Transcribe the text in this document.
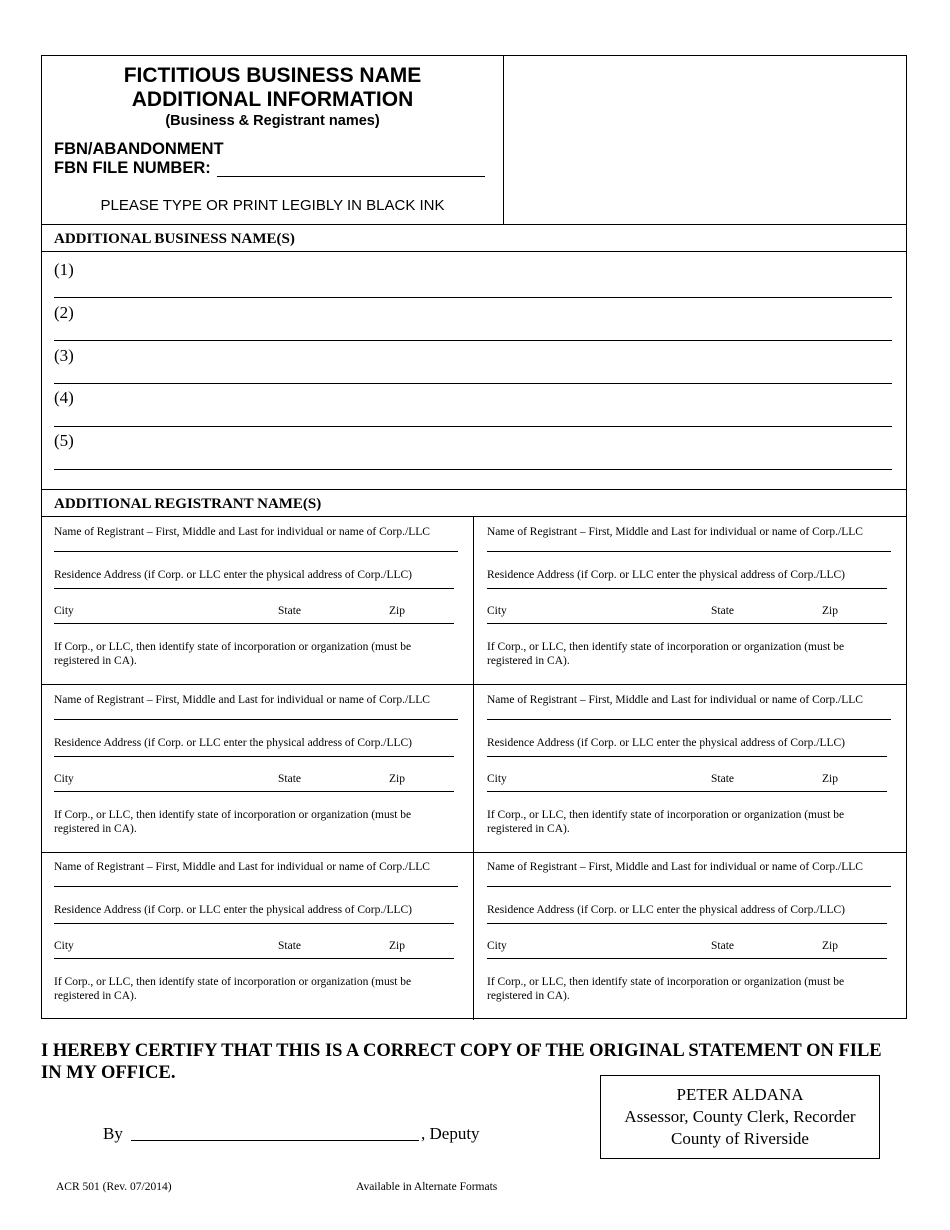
FICTITIOUS BUSINESS NAME
ADDITIONAL INFORMATION
(Business & Registrant names)
FBN/ABANDONMENT
FBN FILE NUMBER:
PLEASE TYPE OR PRINT LEGIBLY IN BLACK INK
ADDITIONAL BUSINESS NAME(S)
(1)
(2)
(3)
(4)
(5)
ADDITIONAL REGISTRANT NAME(S)
Name of Registrant – First, Middle and Last for individual or name of Corp./LLC
Residence Address (if Corp. or LLC enter the physical address of Corp./LLC)
City	State	Zip
If Corp., or LLC, then identify state of incorporation or organization (must be
registered in CA).
Name of Registrant – First, Middle and Last for individual or name of Corp./LLC
Residence Address (if Corp. or LLC enter the physical address of Corp./LLC)
City	State	Zip
If Corp., or LLC, then identify state of incorporation or organization (must be
registered in CA).
Name of Registrant – First, Middle and Last for individual or name of Corp./LLC
Residence Address (if Corp. or LLC enter the physical address of Corp./LLC)
City	State	Zip
If Corp., or LLC, then identify state of incorporation or organization (must be
registered in CA).
Name of Registrant – First, Middle and Last for individual or name of Corp./LLC
Residence Address (if Corp. or LLC enter the physical address of Corp./LLC)
City	State	Zip
If Corp., or LLC, then identify state of incorporation or organization (must be
registered in CA).
Name of Registrant – First, Middle and Last for individual or name of Corp./LLC
Residence Address (if Corp. or LLC enter the physical address of Corp./LLC)
City	State	Zip
If Corp., or LLC, then identify state of incorporation or organization (must be
registered in CA).
Name of Registrant – First, Middle and Last for individual or name of Corp./LLC
Residence Address (if Corp. or LLC enter the physical address of Corp./LLC)
City	State	Zip
If Corp., or LLC, then identify state of incorporation or organization (must be
registered in CA).
I HEREBY CERTIFY THAT THIS IS A CORRECT COPY OF THE ORIGINAL STATEMENT ON FILE
IN MY OFFICE.
By	, Deputy
PETER ALDANA
Assessor, County Clerk, Recorder
County of Riverside
ACR 501 (Rev. 07/2014)	Available in Alternate Formats
